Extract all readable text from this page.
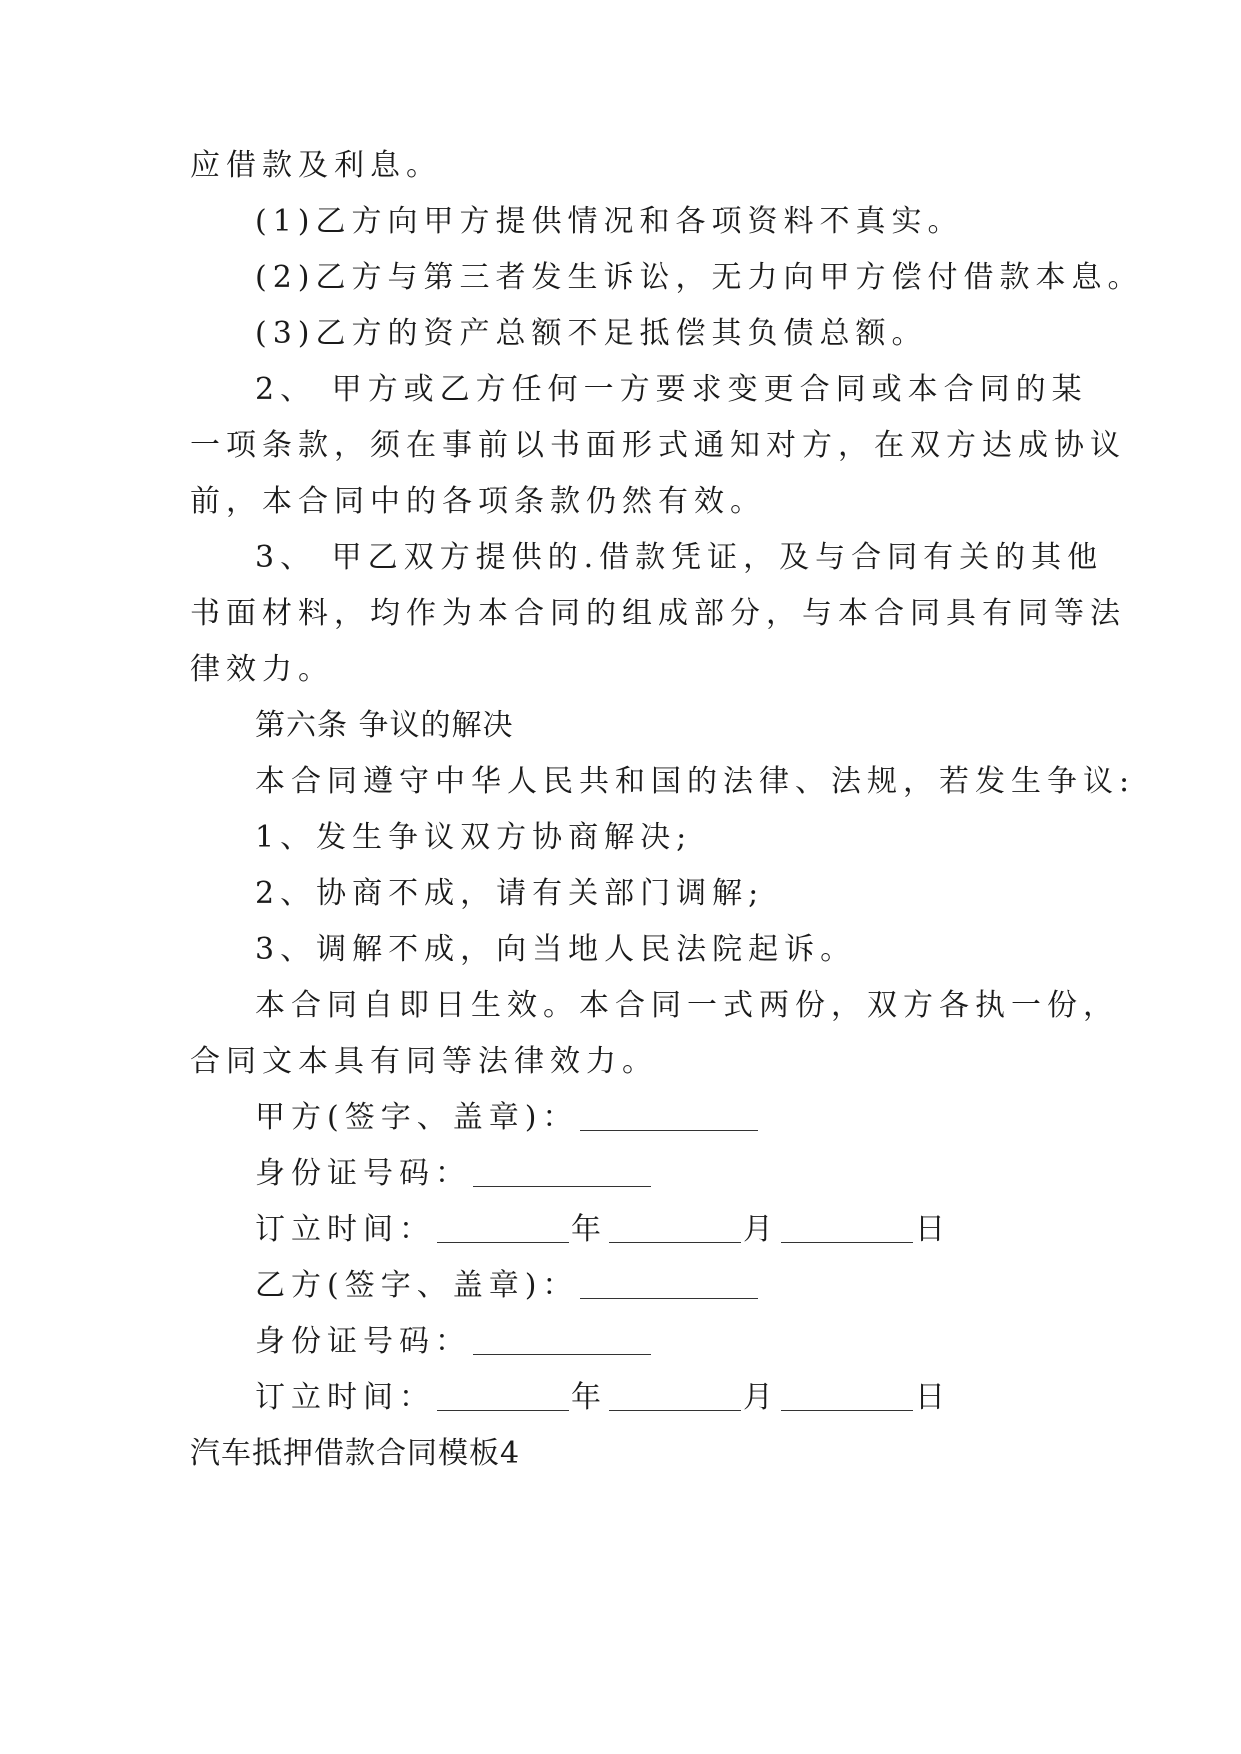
应借款及利息。
(1)乙方向甲方提供情况和各项资料不真实。
(2)乙方与第三者发生诉讼，无力向甲方偿付借款本息。
(3)乙方的资产总额不足抵偿其负债总额。
2、 甲方或乙方任何一方要求变更合同或本合同的某
一项条款，须在事前以书面形式通知对方，在双方达成协议
前，本合同中的各项条款仍然有效。
3、 甲乙双方提供的.借款凭证，及与合同有关的其他
书面材料，均作为本合同的组成部分，与本合同具有同等法
律效力。
第六条 争议的解决
本合同遵守中华人民共和国的法律、法规，若发生争议:
1、发生争议双方协商解决;
2、协商不成，请有关部门调解;
3、调解不成，向当地人民法院起诉。
本合同自即日生效。本合同一式两份，双方各执一份，
合同文本具有同等法律效力。
甲方(签字、盖章)：
身份证号码：
订立时间：	年	月	日
乙方(签字、盖章)：
身份证号码：
订立时间：	年	月	日
汽车抵押借款合同模板4
